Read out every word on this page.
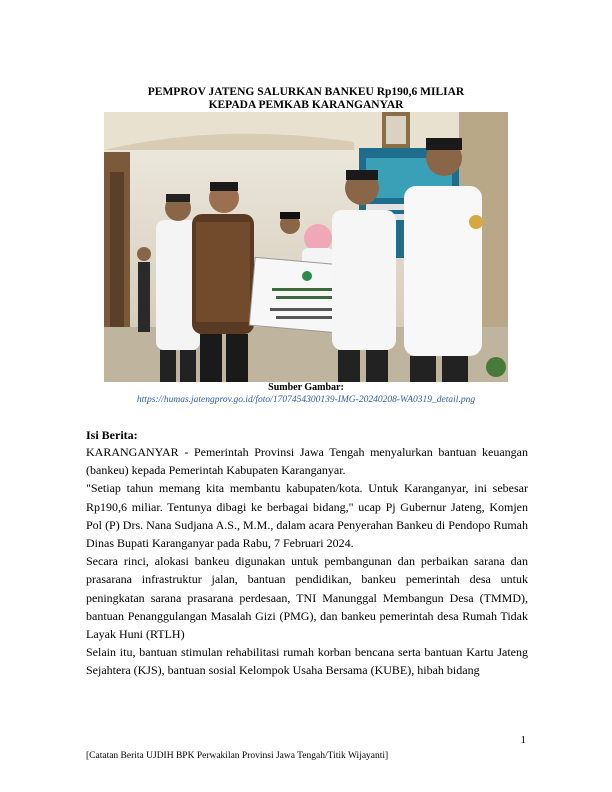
PEMPROV JATENG SALURKAN BANKEU Rp190,6 MILIAR
KEPADA PEMKAB KARANGANYAR
Sumber Gambar:
https://humas.jatengprov.go.id/foto/1707454300139-IMG-20240208-WA0319_detail.png
Isi Berita:

KARANGANYAR - Pemerintah Provinsi Jawa Tengah menyalurkan bantuan keuangan (bankeu) kepada Pemerintah Kabupaten Karanganyar.

"Setiap tahun memang kita membantu kabupaten/kota. Untuk Karanganyar, ini sebesar Rp190,6 miliar. Tentunya dibagi ke berbagai bidang," ucap Pj Gubernur Jateng, Komjen Pol (P) Drs. Nana Sudjana A.S., M.M., dalam acara Penyerahan Bankeu di Pendopo Rumah Dinas Bupati Karanganyar pada Rabu, 7 Februari 2024.

Secara rinci, alokasi bankeu digunakan untuk pembangunan dan perbaikan sarana dan prasarana infrastruktur jalan, bantuan pendidikan, bankeu pemerintah desa untuk peningkatan sarana prasarana perdesaan, TNI Manunggal Membangun Desa (TMMD), bantuan Penanggulangan Masalah Gizi (PMG), dan bankeu pemerintah desa Rumah Tidak Layak Huni (RTLH)

Selain itu, bantuan stimulan rehabilitasi rumah korban bencana serta bantuan Kartu Jateng Sejahtera (KJS), bantuan sosial Kelompok Usaha Bersama (KUBE), hibah bidang

1
[Catatan Berita UJDIH BPK Perwakilan Provinsi Jawa Tengah/Titik Wijayanti]
